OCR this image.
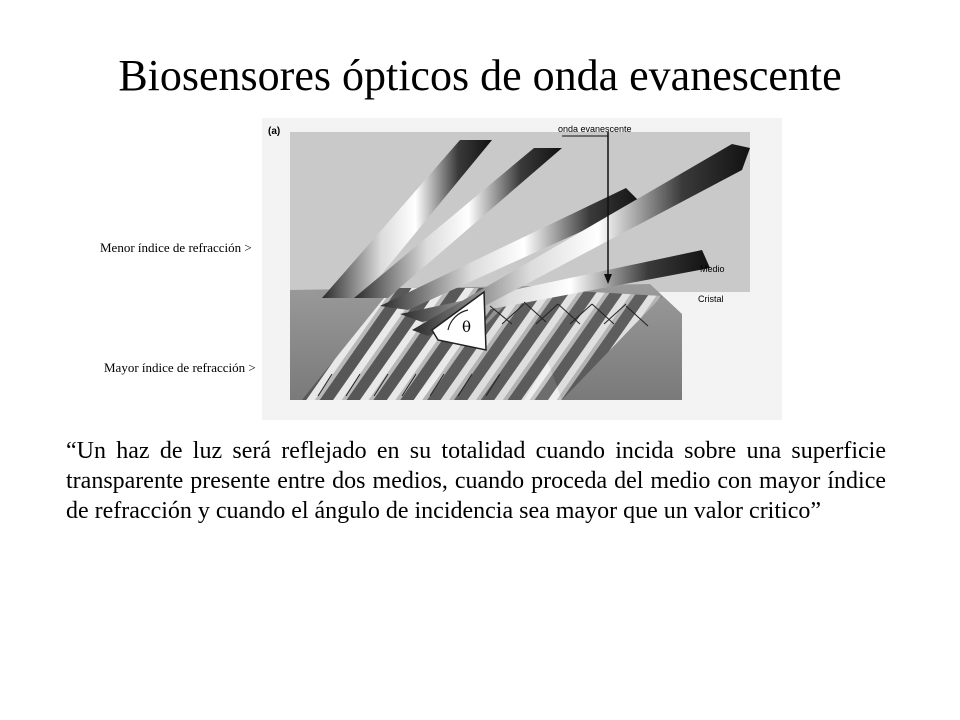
Biosensores ópticos de onda evanescente
(a)	onda evanescente
Medio
Cristal
θ
Menor índice de refracción >
Mayor índice de refracción >

“Un haz de luz será reflejado en su totalidad cuando incida sobre una superficie transparente presente entre dos medios, cuando proceda del medio con mayor índice de refracción y cuando el ángulo de incidencia sea mayor que un valor critico”
